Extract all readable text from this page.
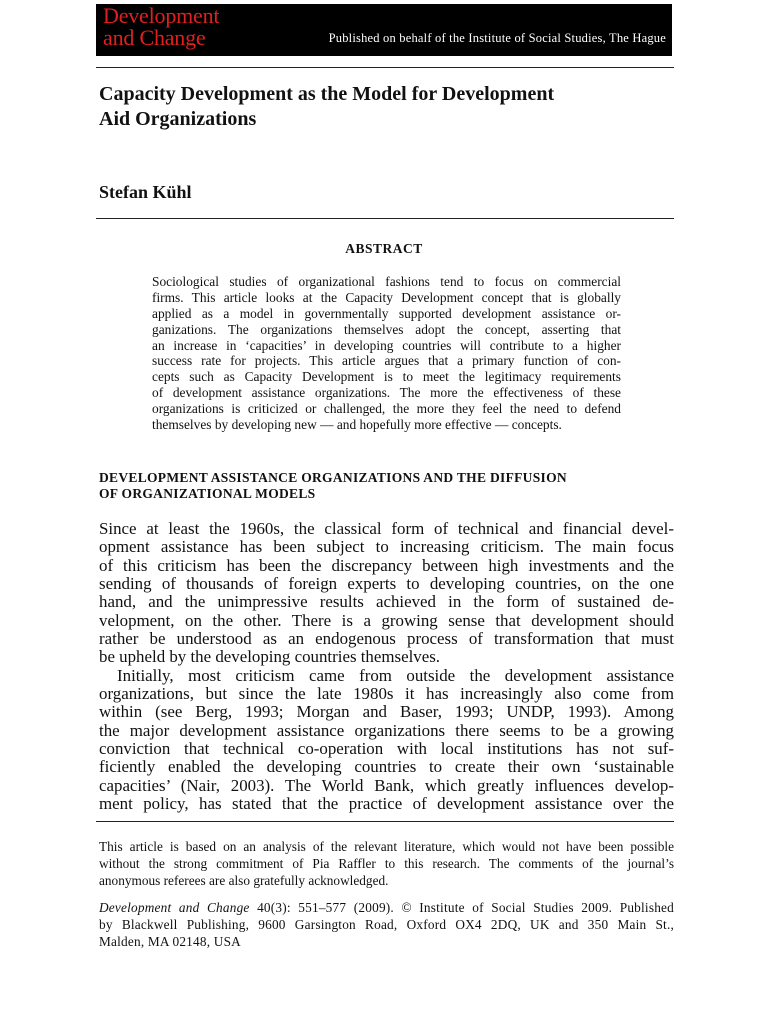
Development
and Change	Published on behalf of the Institute of Social Studies, The Hague
Capacity Development as the Model for Development
Aid Organizations
Stefan Kühl
ABSTRACT
Sociological studies of organizational fashions tend to focus on commercial
firms. This article looks at the Capacity Development concept that is globally
applied as a model in governmentally supported development assistance or-
ganizations. The organizations themselves adopt the concept, asserting that
an increase in ‘capacities’ in developing countries will contribute to a higher
success rate for projects. This article argues that a primary function of con-
cepts such as Capacity Development is to meet the legitimacy requirements
of development assistance organizations. The more the effectiveness of these
organizations is criticized or challenged, the more they feel the need to defend
themselves by developing new — and hopefully more effective — concepts.
DEVELOPMENT ASSISTANCE ORGANIZATIONS AND THE DIFFUSION
OF ORGANIZATIONAL MODELS
Since at least the 1960s, the classical form of technical and financial devel-
opment assistance has been subject to increasing criticism. The main focus
of this criticism has been the discrepancy between high investments and the
sending of thousands of foreign experts to developing countries, on the one
hand, and the unimpressive results achieved in the form of sustained de-
velopment, on the other. There is a growing sense that development should
rather be understood as an endogenous process of transformation that must
be upheld by the developing countries themselves.
Initially, most criticism came from outside the development assistance
organizations, but since the late 1980s it has increasingly also come from
within (see Berg, 1993; Morgan and Baser, 1993; UNDP, 1993). Among
the major development assistance organizations there seems to be a growing
conviction that technical co-operation with local institutions has not suf-
ficiently enabled the developing countries to create their own ‘sustainable
capacities’ (Nair, 2003). The World Bank, which greatly influences develop-
ment policy, has stated that the practice of development assistance over the
This article is based on an analysis of the relevant literature, which would not have been possible
without the strong commitment of Pia Raffler to this research. The comments of the journal’s
anonymous referees are also gratefully acknowledged.
Development and Change 40(3): 551–577 (2009). © Institute of Social Studies 2009. Published
by Blackwell Publishing, 9600 Garsington Road, Oxford OX4 2DQ, UK and 350 Main St.,
Malden, MA 02148, USA
